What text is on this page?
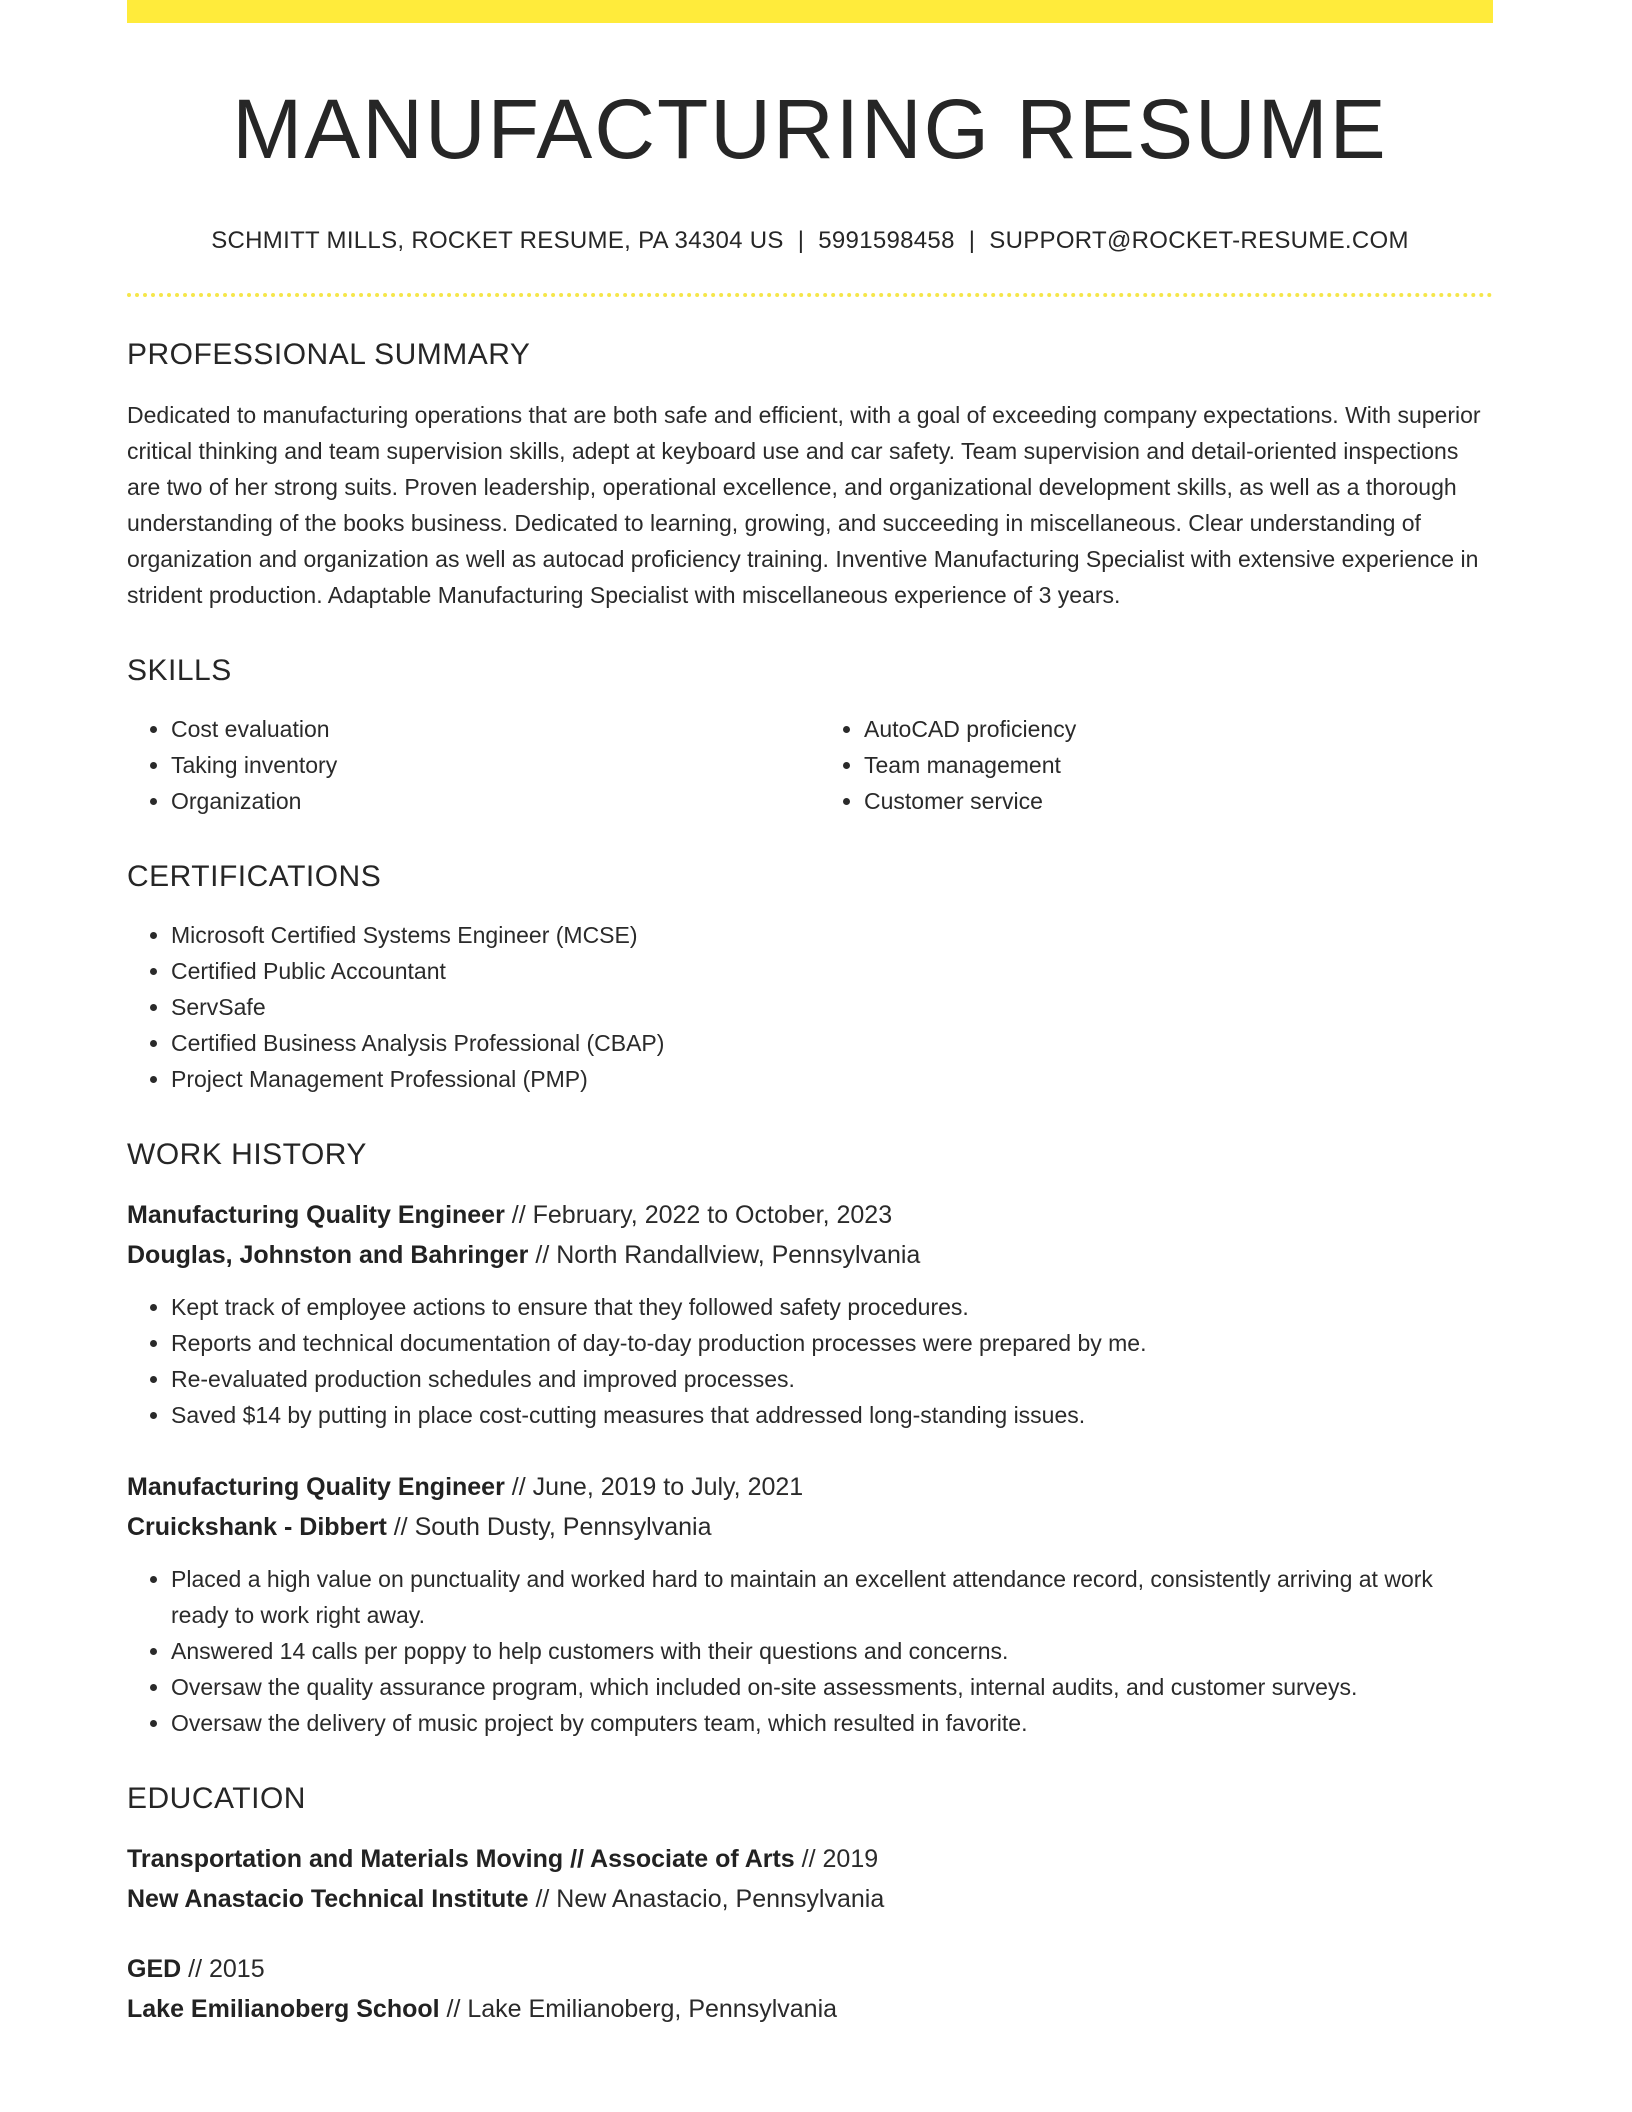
MANUFACTURING RESUME
SCHMITT MILLS, ROCKET RESUME, PA 34304 US | 5991598458 | SUPPORT@ROCKET-RESUME.COM
PROFESSIONAL SUMMARY
Dedicated to manufacturing operations that are both safe and efficient, with a goal of exceeding company expectations. With superior critical thinking and team supervision skills, adept at keyboard use and car safety. Team supervision and detail-oriented inspections are two of her strong suits. Proven leadership, operational excellence, and organizational development skills, as well as a thorough understanding of the books business. Dedicated to learning, growing, and succeeding in miscellaneous. Clear understanding of organization and organization as well as autocad proficiency training. Inventive Manufacturing Specialist with extensive experience in strident production. Adaptable Manufacturing Specialist with miscellaneous experience of 3 years.
SKILLS
• Cost evaluation
• Taking inventory
• Organization
• AutoCAD proficiency
• Team management
• Customer service
CERTIFICATIONS
• Microsoft Certified Systems Engineer (MCSE)
• Certified Public Accountant
• ServSafe
• Certified Business Analysis Professional (CBAP)
• Project Management Professional (PMP)
WORK HISTORY
Manufacturing Quality Engineer // February, 2022 to October, 2023
Douglas, Johnston and Bahringer // North Randallview, Pennsylvania
• Kept track of employee actions to ensure that they followed safety procedures.
• Reports and technical documentation of day-to-day production processes were prepared by me.
• Re-evaluated production schedules and improved processes.
• Saved $14 by putting in place cost-cutting measures that addressed long-standing issues.
Manufacturing Quality Engineer // June, 2019 to July, 2021
Cruickshank - Dibbert // South Dusty, Pennsylvania
• Placed a high value on punctuality and worked hard to maintain an excellent attendance record, consistently arriving at work ready to work right away.
• Answered 14 calls per poppy to help customers with their questions and concerns.
• Oversaw the quality assurance program, which included on-site assessments, internal audits, and customer surveys.
• Oversaw the delivery of music project by computers team, which resulted in favorite.
EDUCATION
Transportation and Materials Moving // Associate of Arts // 2019
New Anastacio Technical Institute // New Anastacio, Pennsylvania
GED // 2015
Lake Emilianoberg School // Lake Emilianoberg, Pennsylvania
